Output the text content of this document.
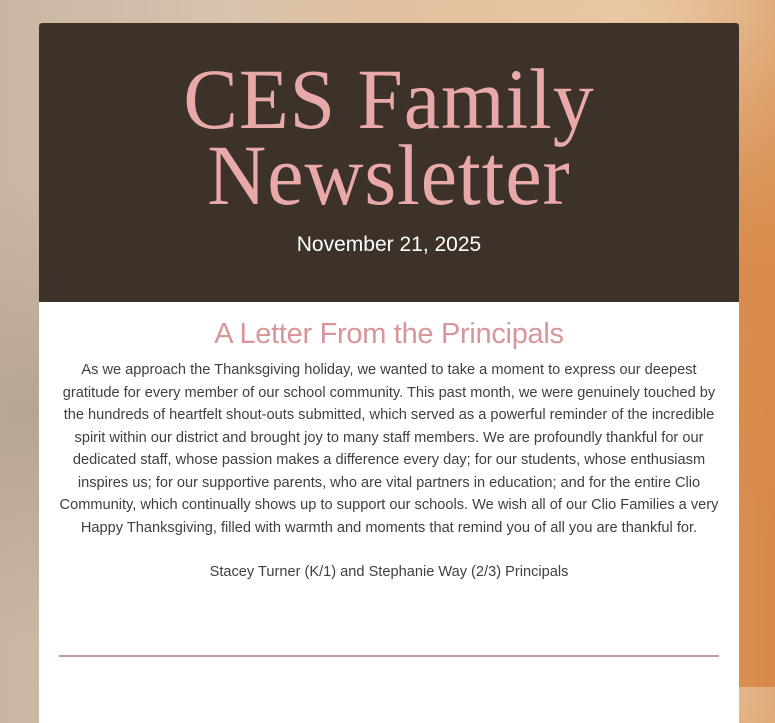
CES Family
Newsletter
November 21, 2025
A Letter From the Principals

As we approach the Thanksgiving holiday, we wanted to take a moment to express our deepest gratitude for every member of our school community. This past month, we were genuinely touched by the hundreds of heartfelt shout-outs submitted, which served as a powerful reminder of the incredible spirit within our district and brought joy to many staff members. We are profoundly thankful for our dedicated staff, whose passion makes a difference every day; for our students, whose enthusiasm inspires us; for our supportive parents, who are vital partners in education; and for the entire Clio Community, which continually shows up to support our schools. We wish all of our Clio Families a very Happy Thanksgiving, filled with warmth and moments that remind you of all you are thankful for.

Stacey Turner (K/1) and Stephanie Way (2/3) Principals
